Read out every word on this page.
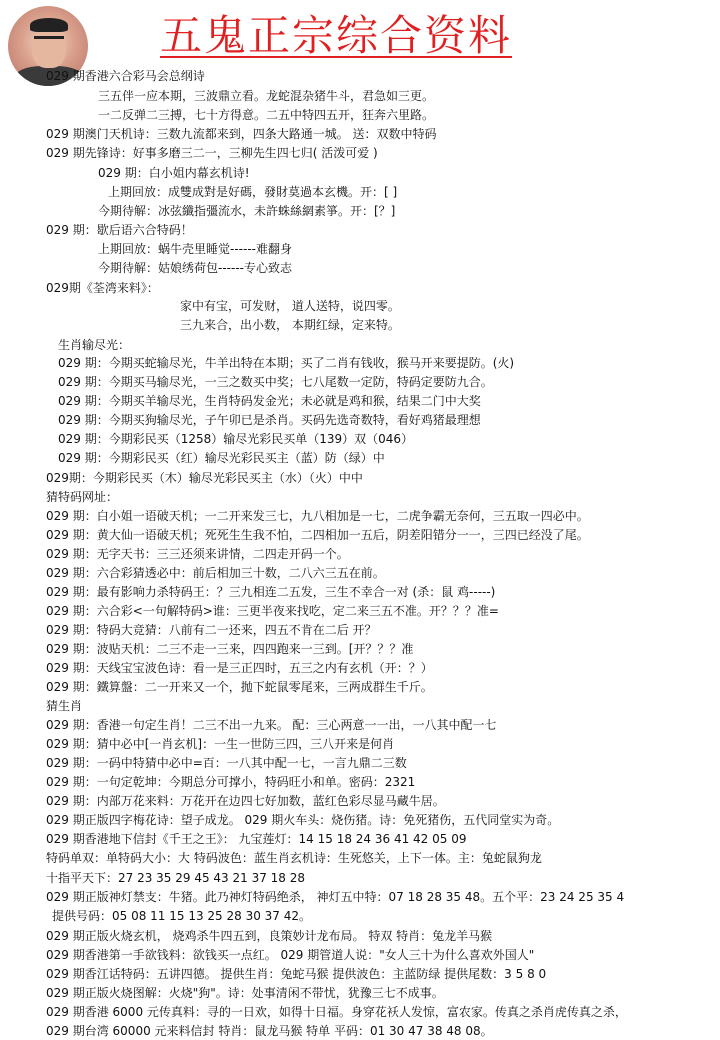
五鬼正宗综合资料
029 期香港六合彩马会总纲诗
三五伴一应本期，三波鼎立看。龙蛇混杂猪牛斗，君急如三更。
一二反弹二三搏，七十方得意。二五中特四五开，狂奔六里路。
029 期澳门天机诗：三数九流都来到，四条大路通一城。 送：双数中特码
029 期先锋诗：好事多磨三二一，三柳先生四七归( 活泼可爱 )
029 期：白小姐内幕玄机诗!
上期回放：成雙成對是好碼，發財莫過本玄機。开：[ ]
今期待解：冰弦纖指彊流水，未許蛛絲網素箏。开：[？]
029 期：歇后语六合特码！
上期回放：蜗牛壳里睡觉------难翻身
今期待解：姑娘绣荷包------专心致志
029期《荃湾来料》：
家中有宝，可发财， 道人送特，说四零。
三九来合，出小数， 本期红绿，定来特。
生肖输尽光：
029 期：今期买蛇输尽光，牛羊出特在本期；买了二肖有钱收，猴马开来要提防。(火)
029 期：今期买马输尽光，一三之数买中奖；七八尾数一定防，特码定要防九合。
029 期：今期买羊输尽光，生肖特码发金光；未必就是鸡和猴，结果二门中大奖
029 期：今期买狗输尽光，子午卯已是杀肖。买码先选奇数特，看好鸡猪最理想
029 期：今期彩民买（1258）输尽光彩民买单（139）双（046）
029 期：今期彩民买（红）输尽光彩民买主（蓝）防（绿）中
029期：今期彩民买（木）输尽光彩民买主（水）（火）中中
猜特码网址：
029 期：白小姐一语破天机；一二开来发三七，九八相加是一七，二虎争霸无奈何，三五取一四必中。
029 期：黄大仙一语破天机；死死生生我不怕，二四相加一五后，阴差阳错分一一，三四已经没了尾。
029 期：无字天书：三三还须来讲情，二四走开码一个。
029 期：六合彩猜透必中：前后相加三十数，二八六三五在前。
029 期：最有影响力杀特码王：？三九相连二五发，三生不幸合一对 (杀：鼠 鸡-----)
029 期：六合彩<一句解特码>谁：三更半夜来找吃，定二来三五不准。开？？？准=
029 期：特码大竞猜：八前有二一还来，四五不肯在二后 开？
029 期：波贴天机：二三不走一三来，四四跑来一三到。[开？？？准
029 期：天线宝宝波色诗：看一是三正四时，五三之内有玄机（开：？）
029 期：鐵算盤：二一开来又一个，抛下蛇鼠零尾来，三两成群生千斤。
猜生肖
029 期：香港一句定生肖！二三不出一九来。 配：三心两意一一出，一八其中配一七
029 期：猜中必中[一肖玄机]：一生一世防三四，三八开来是何肖
029 期：一码中特猜中必中=百：一八其中配一七，一言九鼎二三数
029 期：一句定乾坤：今期总分可撑小，特码旺小和单。密码：2321
029 期：内部万花来料：万花开在边四七好加数，蓝红色彩尽显马藏牛居。
029 期正版四字梅花诗：望子成龙。 029 期火车头：烧伤猪。诗：免死猪伤，五代同堂实为奇。
029 期香港地下信封《千王之王》： 九宝莲灯：14 15 18 24 36 41 42 05 09
特码单双：单特码大小：大 特码波色：蓝生肖玄机诗：生死悠关，上下一体。主：兔蛇鼠狗龙
十指平天下：27 23 35 29 45 43 21 37 18 28
029 期正版神灯禁支：牛猪。此乃神灯特码绝杀， 神灯五中特：07 18 28 35 48。五个平：23 24 25 35 4
提供号码：05 08 11 15 13 25 28 30 37 42。
029 期正版火烧玄机， 烧鸡杀牛四五到，良策妙计龙布局。 特双 特肖：兔龙羊马猴
029 期香港第一手欲钱料：欲钱买一点红。 029 期管道人说："女人三十为什么喜欢外国人"
029 期香江话特码：五讲四德。 提供生肖：兔蛇马猴 提供波色：主蓝防绿 提供尾数：3 5 8 0
029 期正版火烧图解：火烧"狗"。诗：处事清闲不带忧，犹豫三七不成事。
029 期香港 6000 元传真料：寻的一日欢，如得十日福。身穿花袄人发惊，富农家。传真之杀肖虎传真之杀，
029 期台湾 60000 元来料信封 特肖：鼠龙马猴 特单 平码：01 30 47 38 48 08。
